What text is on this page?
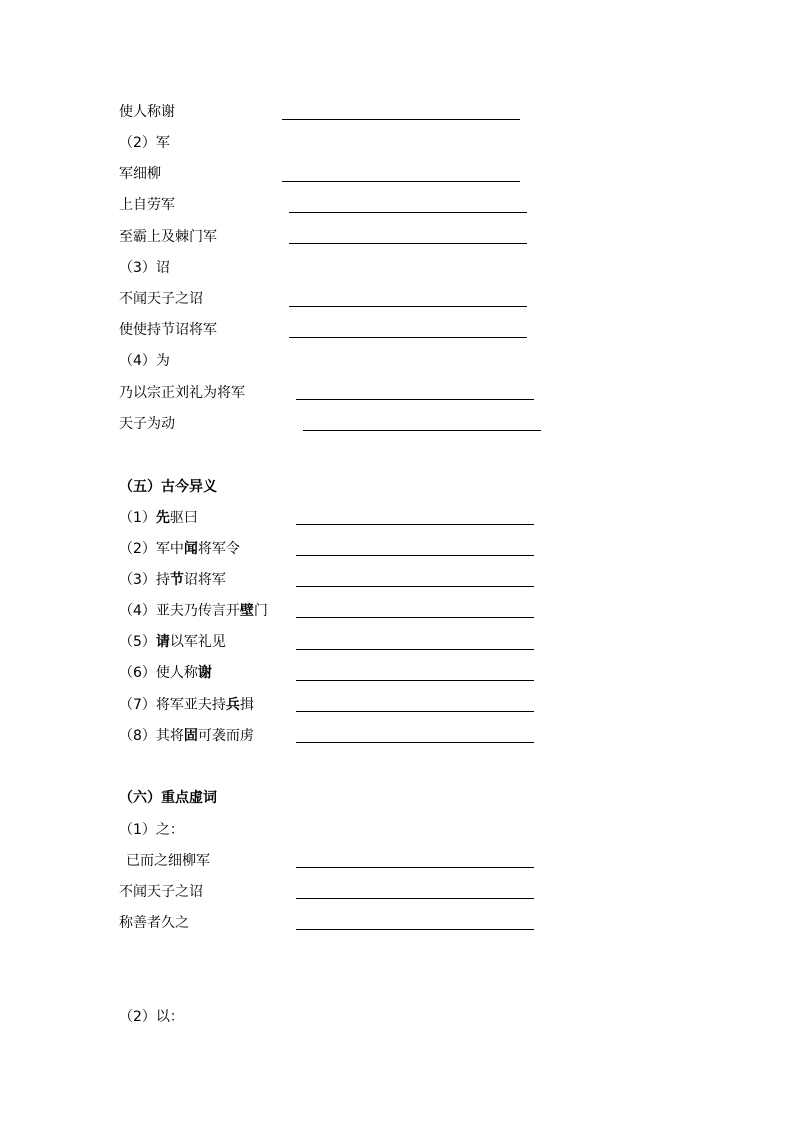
使人称谢
（2）军
军细柳
上自劳军
至霸上及棘门军
（3）诏
不闻天子之诏
使使持节诏将军
（4）为
乃以宗正刘礼为将军
天子为动
（五）古今异义
（1）先驱曰
（2）军中闻将军令
（3）持节诏将军
（4）亚夫乃传言开壁门
（5）请以军礼见
（6）使人称谢
（7）将军亚夫持兵揖
（8）其将固可袭而虏
（六）重点虚词
（1）之：
已而之细柳军
不闻天子之诏
称善者久之
（2）以：
